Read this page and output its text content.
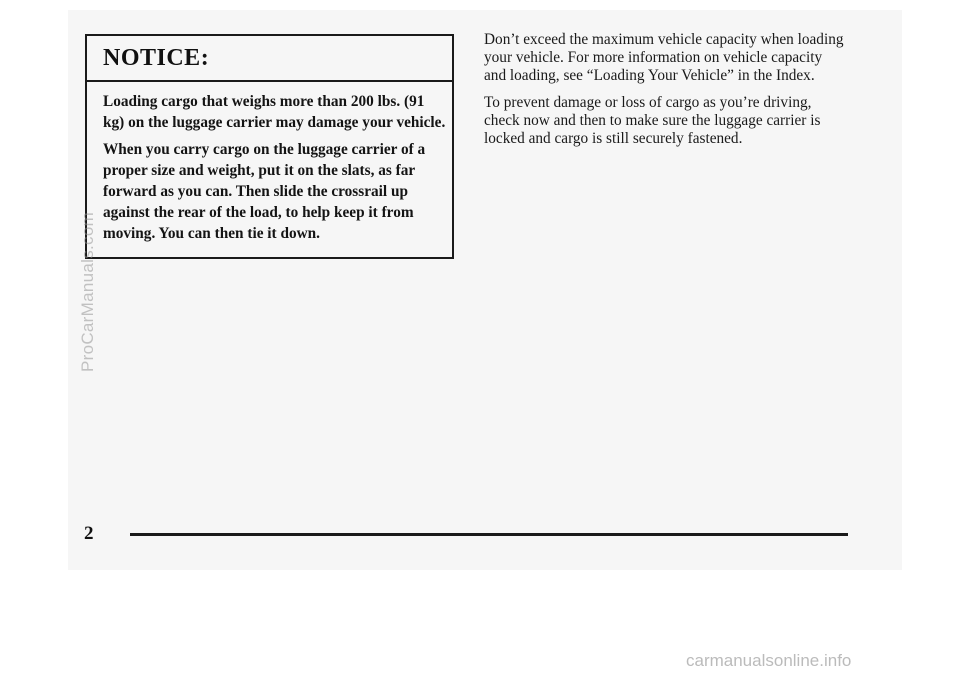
NOTICE:

Loading cargo that weighs more than 200 lbs. (91 kg) on the luggage carrier may damage your vehicle.

When you carry cargo on the luggage carrier of a proper size and weight, put it on the slats, as far forward as you can. Then slide the crossrail up against the rear of the load, to help keep it from moving. You can then tie it down.

Don’t exceed the maximum vehicle capacity when loading your vehicle. For more information on vehicle capacity and loading, see “Loading Your Vehicle” in the Index.

To prevent damage or loss of cargo as you’re driving, check now and then to make sure the luggage carrier is locked and cargo is still securely fastened.

2
ProCarManuals.com
carmanualsonline.info
